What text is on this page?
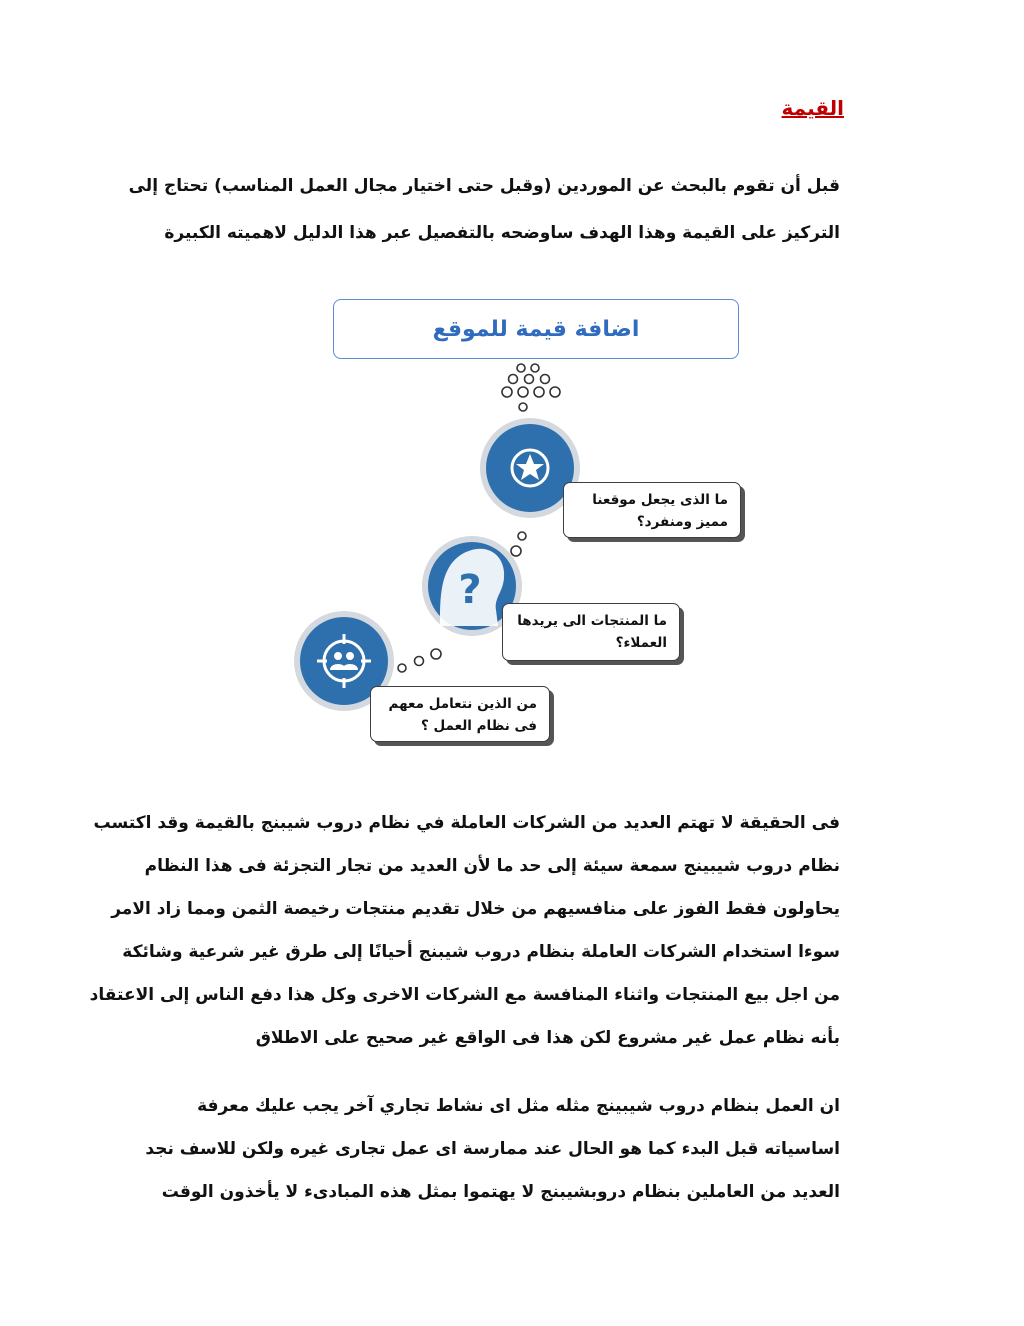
القيمة
قبل أن تقوم بالبحث عن الموردين (وقبل حتى اختيار مجال العمل المناسب) تحتاج إلى
التركيز على القيمة وهذا الهدف ساوضحه بالتفصيل عبر هذا الدليل لاهميته الكبيرة
?
اضافة قيمة للموقع
ما الذى يجعل موقعنا
مميز ومنفرد؟
ما المنتجات الى يريدها
العملاء؟
من الذين نتعامل معهم
فى نظام العمل ؟
فى الحقيقة لا تهتم العديد من الشركات العاملة في نظام دروب شيبنج بالقيمة وقد اكتسب
نظام دروب شيبينج سمعة سيئة إلى حد ما لأن العديد من تجار التجزئة فى هذا النظام
يحاولون فقط الفوز على منافسيهم من خلال تقديم منتجات رخيصة الثمن ومما زاد الامر
سوءا استخدام الشركات العاملة بنظام دروب شيبنج أحيانًا إلى طرق غير شرعية وشائكة
من اجل بيع المنتجات واثناء المنافسة مع الشركات الاخرى وكل هذا دفع الناس إلى الاعتقاد
بأنه نظام عمل غير مشروع لكن هذا فى الواقع غير صحيح على الاطلاق
ان العمل بنظام دروب شيبينج مثله مثل اى نشاط تجاري آخر يجب عليك معرفة
اساسياته قبل البدء كما هو الحال عند ممارسة اى عمل تجارى غيره ولكن للاسف نجد
العديد من العاملين بنظام دروبشيبنج لا يهتموا بمثل هذه المبادىء لا يأخذون الوقت
